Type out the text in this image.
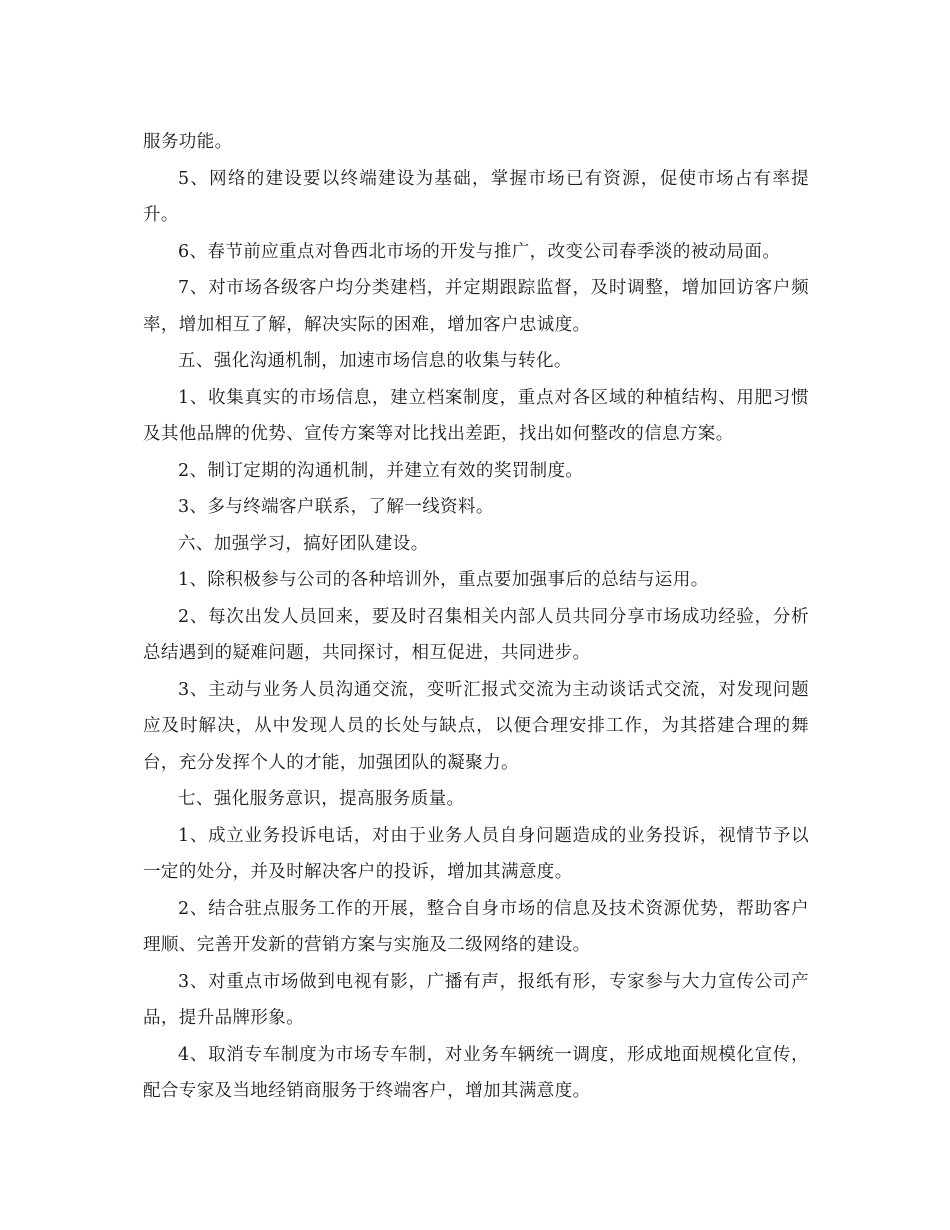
服务功能。

5、网络的建设要以终端建设为基础，掌握市场已有资源，促使市场占有率提升。

6、春节前应重点对鲁西北市场的开发与推广，改变公司春季淡的被动局面。

7、对市场各级客户均分类建档，并定期跟踪监督，及时调整，增加回访客户频率，增加相互了解，解决实际的困难，增加客户忠诚度。

五、强化沟通机制，加速市场信息的收集与转化。

1、收集真实的市场信息，建立档案制度，重点对各区域的种植结构、用肥习惯及其他品牌的优势、宣传方案等对比找出差距，找出如何整改的信息方案。

2、制订定期的沟通机制，并建立有效的奖罚制度。

3、多与终端客户联系，了解一线资料。

六、加强学习，搞好团队建设。

1、除积极参与公司的各种培训外，重点要加强事后的总结与运用。

2、每次出发人员回来，要及时召集相关内部人员共同分享市场成功经验，分析总结遇到的疑难问题，共同探讨，相互促进，共同进步。

3、主动与业务人员沟通交流，变听汇报式交流为主动谈话式交流，对发现问题应及时解决，从中发现人员的长处与缺点，以便合理安排工作，为其搭建合理的舞台，充分发挥个人的才能，加强团队的凝聚力。

七、强化服务意识，提高服务质量。

1、成立业务投诉电话，对由于业务人员自身问题造成的业务投诉，视情节予以一定的处分，并及时解决客户的投诉，增加其满意度。

2、结合驻点服务工作的开展，整合自身市场的信息及技术资源优势，帮助客户理顺、完善开发新的营销方案与实施及二级网络的建设。

3、对重点市场做到电视有影，广播有声，报纸有形，专家参与大力宣传公司产品，提升品牌形象。

4、取消专车制度为市场专车制，对业务车辆统一调度，形成地面规模化宣传，配合专家及当地经销商服务于终端客户，增加其满意度。
